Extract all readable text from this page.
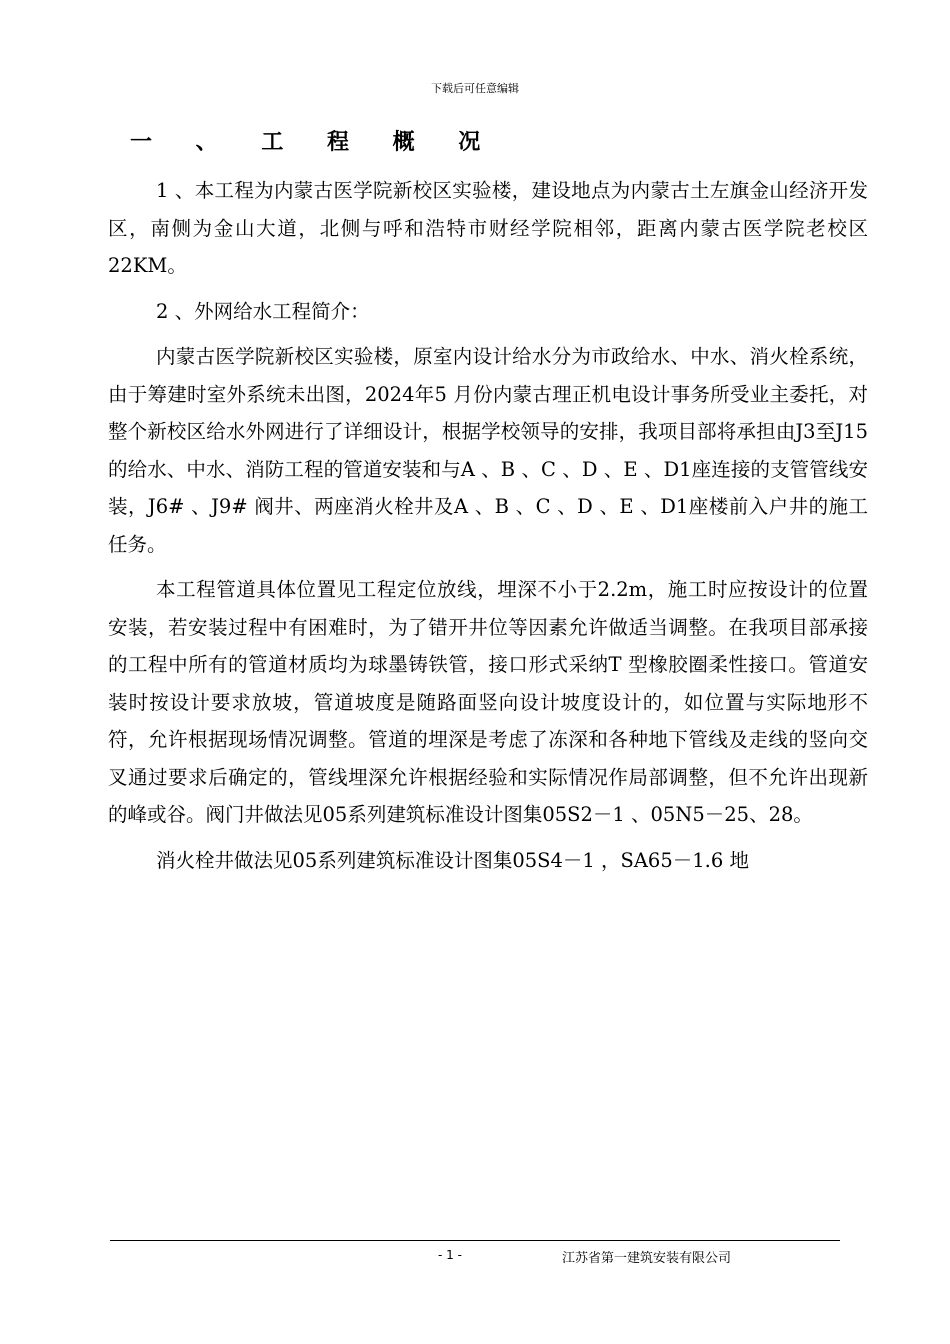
下载后可任意编辑
一 、 工 程 概 况

1 、本工程为内蒙古医学院新校区实验楼，建设地点为内蒙古土左旗金山经济开发区，南侧为金山大道，北侧与呼和浩特市财经学院相邻，距离内蒙古医学院老校区22KM。

2 、外网给水工程简介：

内蒙古医学院新校区实验楼，原室内设计给水分为市政给水、中水、消火栓系统，由于筹建时室外系统未出图，2024年5 月份内蒙古理正机电设计事务所受业主委托，对整个新校区给水外网进行了详细设计，根据学校领导的安排，我项目部将承担由J3至J15 的给水、中水、消防工程的管道安装和与A 、B 、C 、D 、E 、D1座连接的支管管线安装，J6# 、J9# 阀井、两座消火栓井及A 、B 、C 、D 、E 、D1座楼前入户井的施工任务。

本工程管道具体位置见工程定位放线，埋深不小于2.2m，施工时应按设计的位置安装，若安装过程中有困难时，为了错开井位等因素允许做适当调整。在我项目部承接的工程中所有的管道材质均为球墨铸铁管，接口形式采纳T 型橡胶圈柔性接口。管道安装时按设计要求放坡，管道坡度是随路面竖向设计坡度设计的，如位置与实际地形不符，允许根据现场情况调整。管道的埋深是考虑了冻深和各种地下管线及走线的竖向交叉通过要求后确定的，管线埋深允许根据经验和实际情况作局部调整，但不允许出现新的峰或谷。阀门井做法见05系列建筑标准设计图集05S2－1 、05N5－25、28。

消火栓井做法见05系列建筑标准设计图集05S4－1 ，SA65－1.6 地

- 1 -	江苏省第一建筑安装有限公司
